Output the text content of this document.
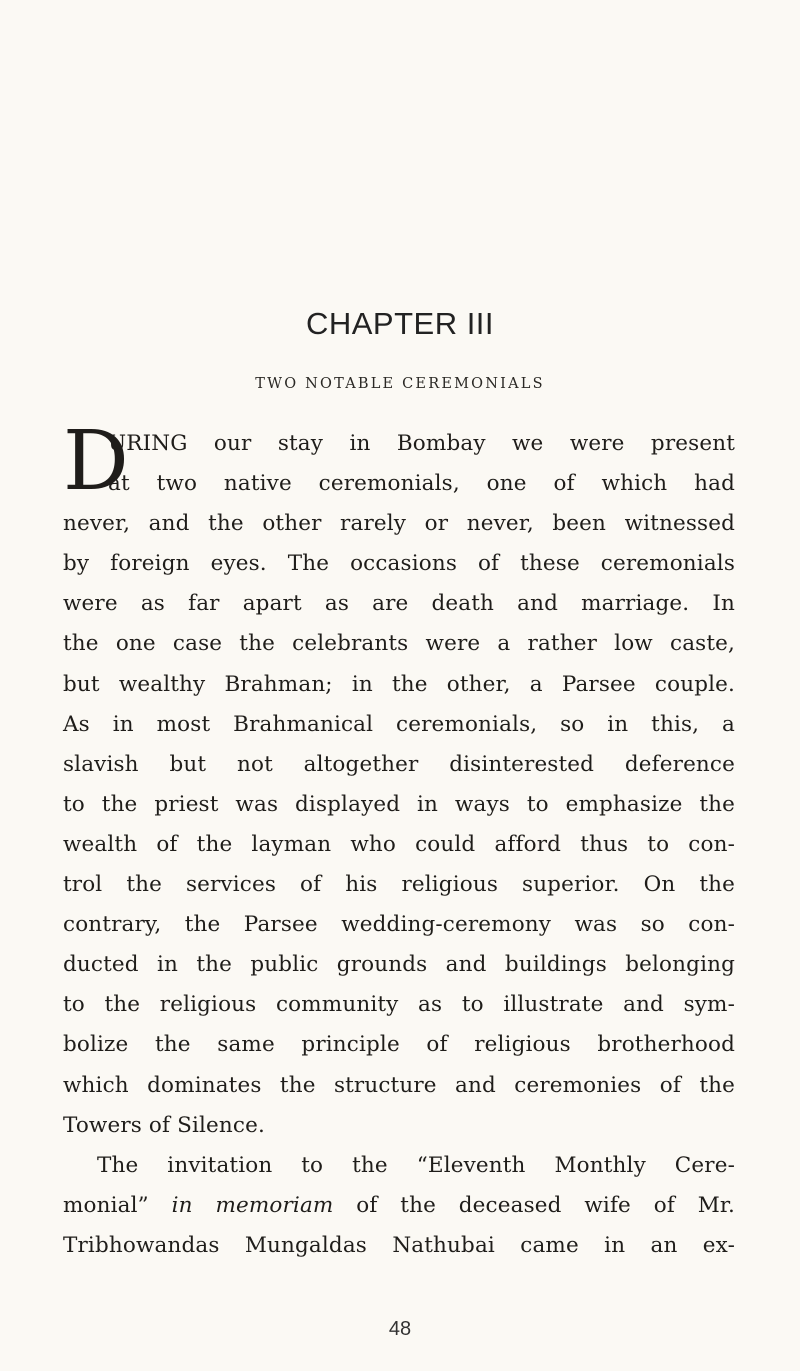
CHAPTER III
TWO NOTABLE CEREMONIALS
D
URING our stay in Bombay we were present
at two native ceremonials, one of which had
never, and the other rarely or never, been witnessed
by foreign eyes. The occasions of these ceremonials
were as far apart as are death and marriage. In
the one case the celebrants were a rather low caste,
but wealthy Brahman; in the other, a Parsee couple.
As in most Brahmanical ceremonials, so in this, a
slavish but not altogether disinterested deference
to the priest was displayed in ways to emphasize the
wealth of the layman who could afford thus to con-
trol the services of his religious superior. On the
contrary, the Parsee wedding-ceremony was so con-
ducted in the public grounds and buildings belonging
to the religious community as to illustrate and sym-
bolize the same principle of religious brotherhood
which dominates the structure and ceremonies of the
Towers of Silence.
The invitation to the “Eleventh Monthly Cere-
monial” in memoriam of the deceased wife of Mr.
Tribhowandas Mungaldas Nathubai came in an ex-
48
